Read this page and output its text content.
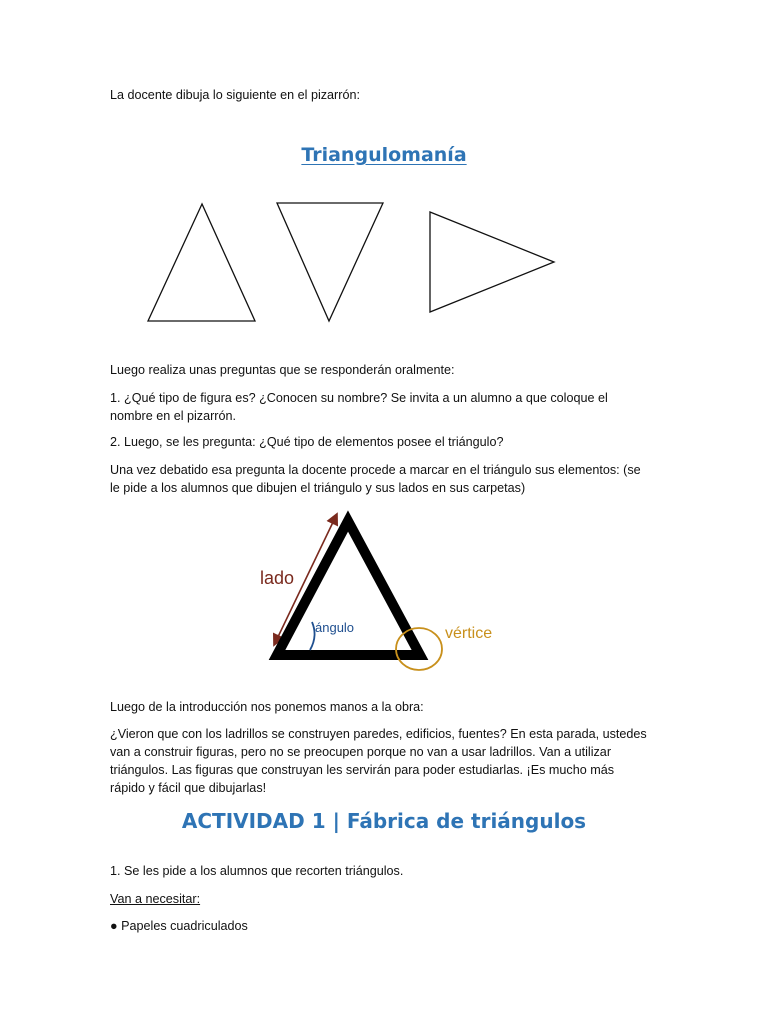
La docente dibuja lo siguiente en el pizarrón:

Triangulomanía

Luego realiza unas preguntas que se responderán oralmente:

1. ¿Qué tipo de figura es? ¿Conocen su nombre? Se invita a un alumno a que coloque el

nombre en el pizarrón.

2. Luego, se les pregunta: ¿Qué tipo de elementos posee el triángulo?

Una vez debatido esa pregunta la docente procede a marcar en el triángulo sus elementos: (se

le pide a los alumnos que dibujen el triángulo y sus lados en sus carpetas)

lado
ángulo	vértice

Luego de la introducción nos ponemos manos a la obra:

¿Vieron que con los ladrillos se construyen paredes, edificios, fuentes? En esta parada, ustedes

van a construir figuras, pero no se preocupen porque no van a usar ladrillos. Van a utilizar

triángulos. Las figuras que construyan les servirán para poder estudiarlas. ¡Es mucho más

rápido y fácil que dibujarlas!

ACTIVIDAD 1 | Fábrica de triángulos

1. Se les pide a los alumnos que recorten triángulos.

Van a necesitar:

● Papeles cuadriculados
